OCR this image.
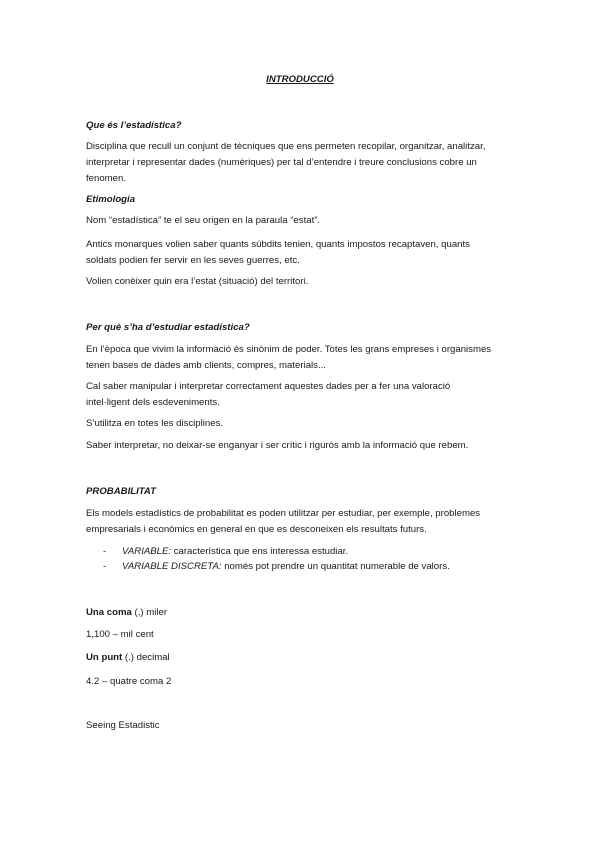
INTRODUCCIÓ
Que és l’estadística?
Disciplina que recull un conjunt de tècniques que ens permeten recopilar, organitzar, analitzar,
interpretar i representar dades (numèriques) per tal d’entendre i treure conclusions cobre un
fenomen.
Etimologia
Nom “estadística” te el seu origen en la paraula “estat”.
Antics monarques volien saber quants súbdits tenien, quants impostos recaptaven, quants
soldats podien fer servir en les seves guerres, etc.
Volien conèixer quin era l’estat (situació) del territori.
Per què s’ha d’estudiar estadística?
En l’època que vivim la informació és sinònim de poder. Totes les grans empreses i organismes
tenen bases de dades amb clients, compres, materials...
Cal saber manipular i interpretar correctament aquestes dades per a fer una valoració
intel·ligent dels esdeveniments.
S’utilitza en totes les disciplines.
Saber interpretar, no deixar-se enganyar i ser crític i rigurós amb la informació que rebem.
PROBABILITAT
Els models estadístics de probabilitat es poden utilitzar per estudiar, per exemple, problemes
empresarials i econòmics en general en que es desconeixen els resultats futurs.
- VARIABLE: característica que ens interessa estudiar.
- VARIABLE DISCRETA: només pot prendre un quantitat numerable de valors.
Una coma (,) miler
1,100 – mil cent
Un punt (.) decimal
4.2 – quatre coma 2
Seeing Estadistic
